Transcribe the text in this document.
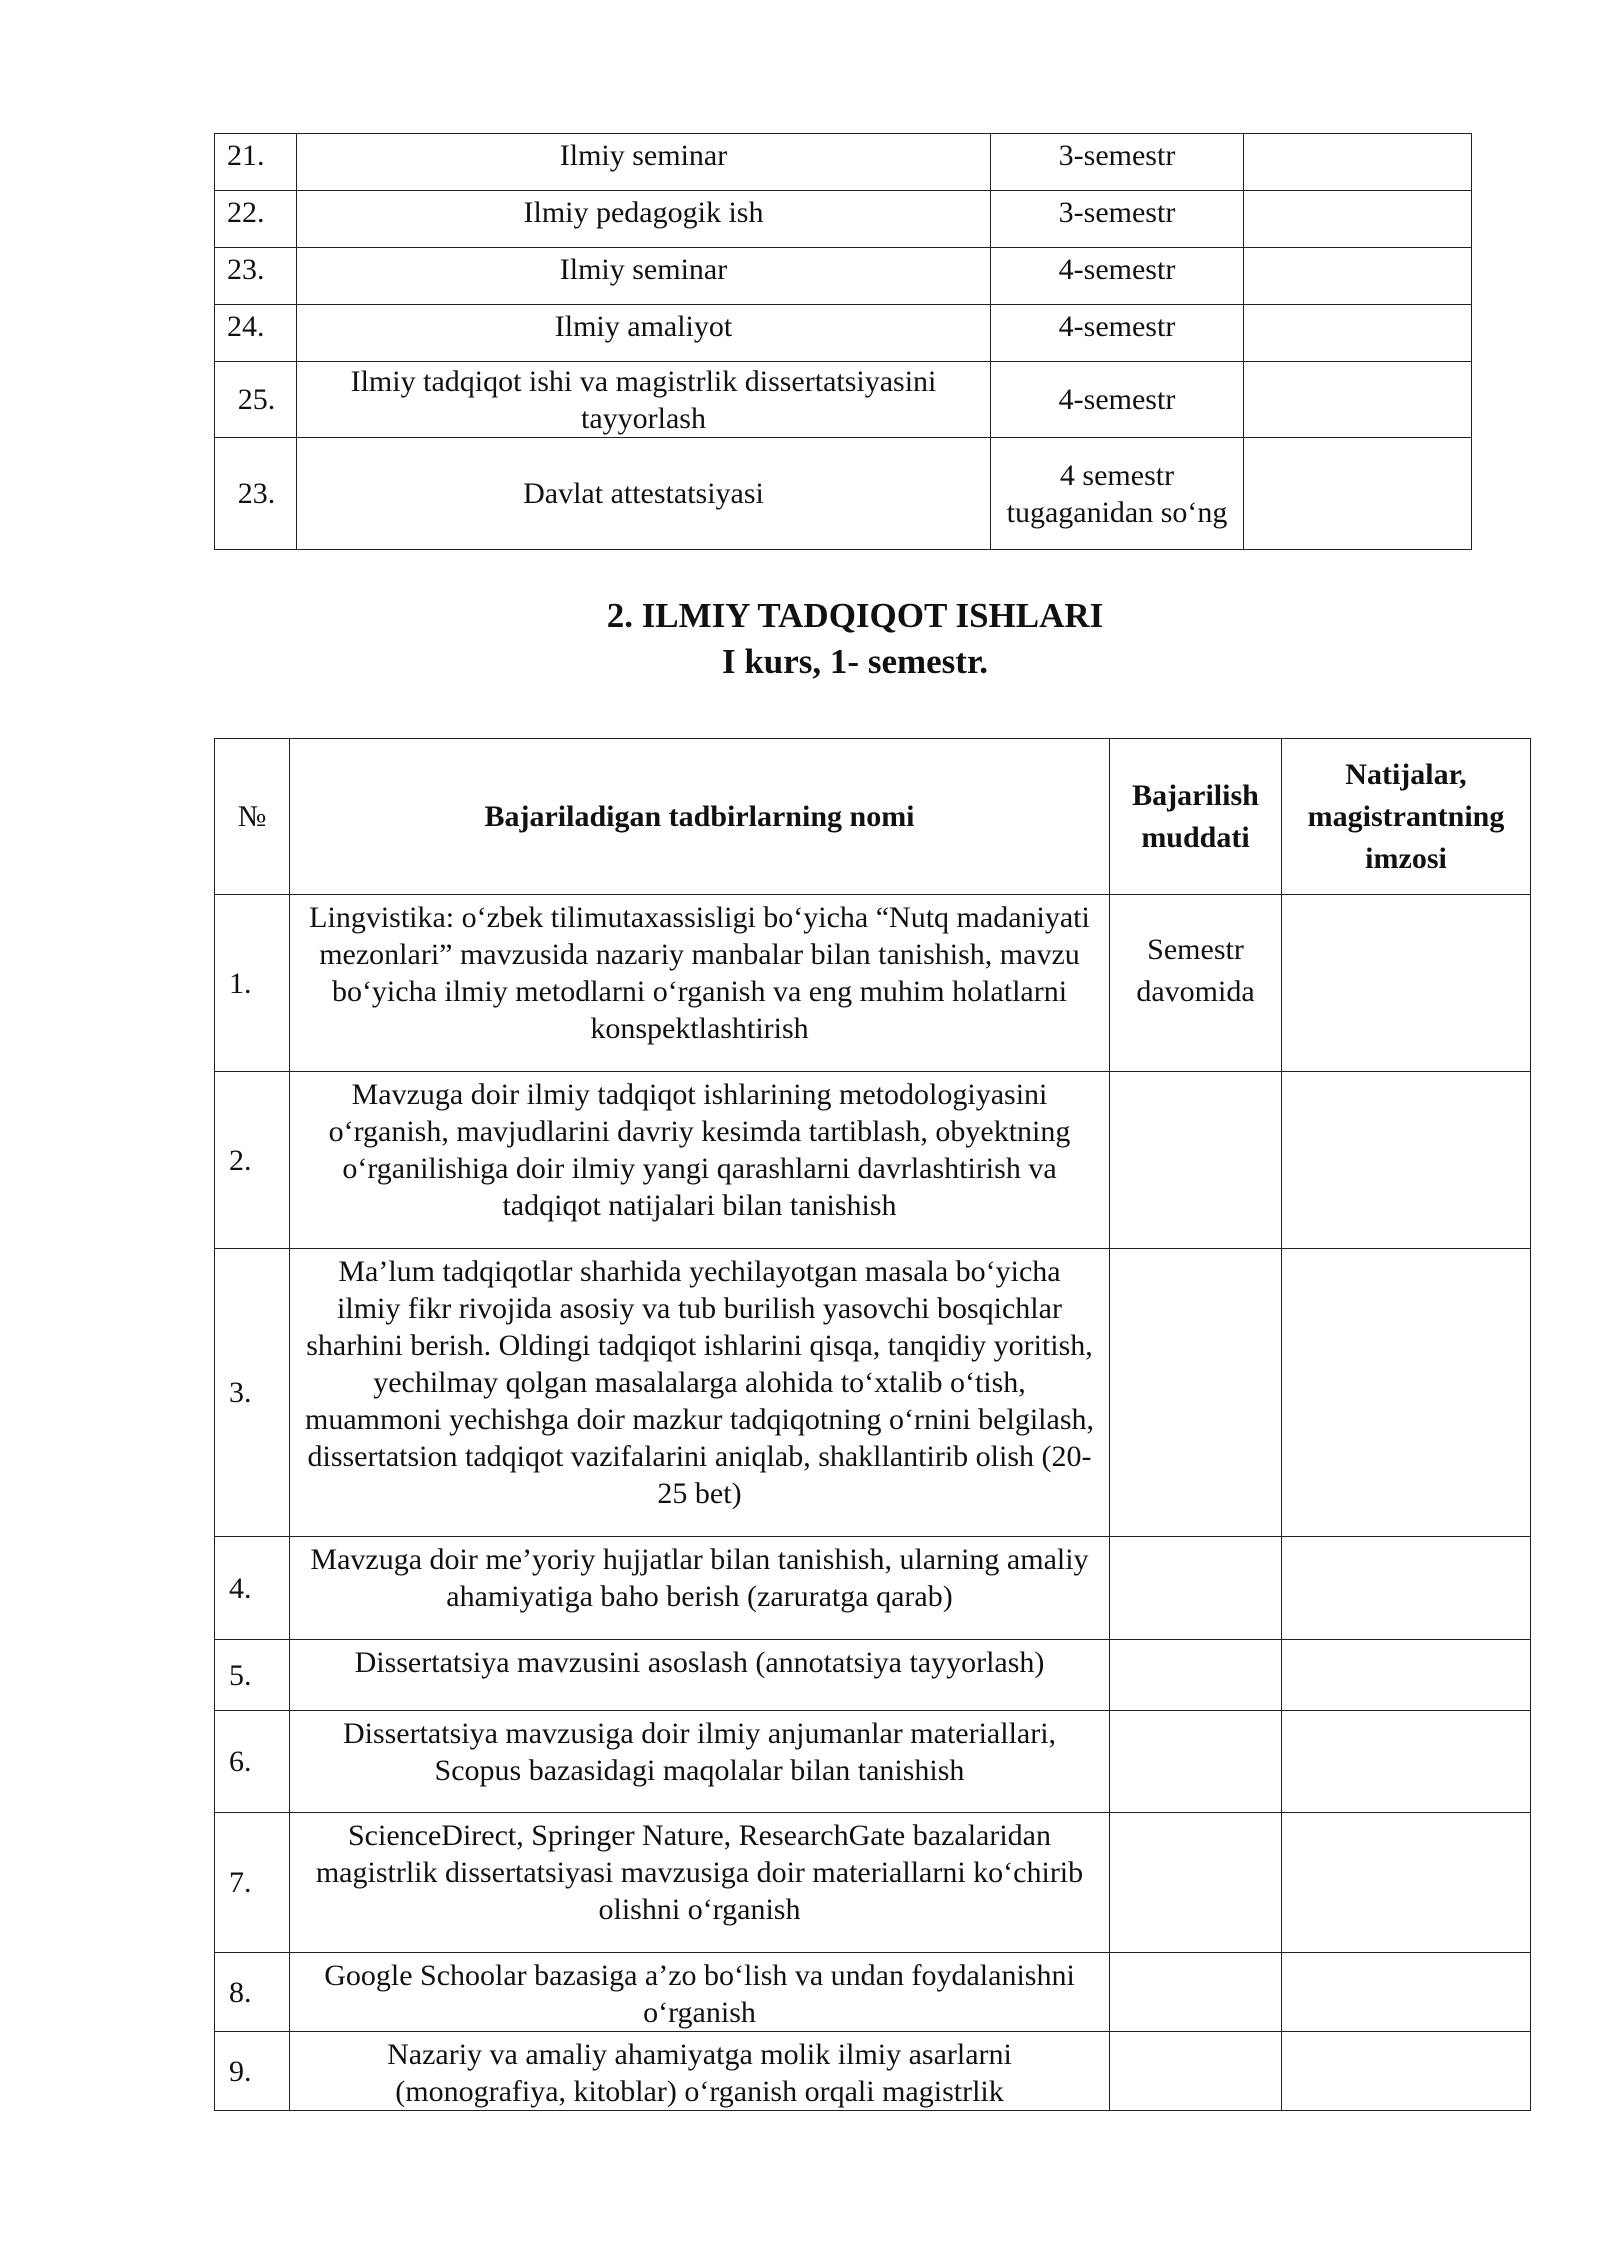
21.	Ilmiy seminar	3-semestr	
22.	Ilmiy pedagogik ish	3-semestr	
23.	Ilmiy seminar	4-semestr	
24.	Ilmiy amaliyot	4-semestr	
25.	Ilmiy tadqiqot ishi va magistrlik dissertatsiyasini tayyorlash	4-semestr	
23.	Davlat attestatsiyasi	4 semestr tugaganidan so‘ng	
2. ILMIY TADQIQOT ISHLARI
I kurs, 1- semestr.
№	Bajariladigan tadbirlarning nomi	Bajarilish muddati	Natijalar, magistrantning imzosi
1.	Lingvistika: o‘zbek tilimutaxassisligi bo‘yicha “Nutq madaniyati mezonlari” mavzusida nazariy manbalar bilan tanishish, mavzu bo‘yicha ilmiy metodlarni o‘rganish va eng muhim holatlarni konspektlashtirish	Semestr davomida	
2.	Mavzuga doir ilmiy tadqiqot ishlarining metodologiyasini o‘rganish, mavjudlarini davriy kesimda tartiblash, obyektning o‘rganilishiga doir ilmiy yangi qarashlarni davrlashtirish va tadqiqot natijalari bilan tanishish		
3.	Ma’lum tadqiqotlar sharhida yechilayotgan masala bo‘yicha ilmiy fikr rivojida asosiy va tub burilish yasovchi bosqichlar sharhini berish. Oldingi tadqiqot ishlarini qisqa, tanqidiy yoritish, yechilmay qolgan masalalarga alohida to‘xtalib o‘tish, muammoni yechishga doir mazkur tadqiqotning o‘rnini belgilash, dissertatsion tadqiqot vazifalarini aniqlab, shakllantirib olish (20-25 bet)		
4.	Mavzuga doir me’yoriy hujjatlar bilan tanishish, ularning amaliy ahamiyatiga baho berish (zaruratga qarab)		
5.	Dissertatsiya mavzusini asoslash (annotatsiya tayyorlash)		
6.	Dissertatsiya mavzusiga doir ilmiy anjumanlar materiallari, Scopus bazasidagi maqolalar bilan tanishish		
7.	ScienceDirect, Springer Nature, ResearchGate bazalaridan magistrlik dissertatsiyasi mavzusiga doir materiallarni ko‘chirib olishni o‘rganish		
8.	Google Schoolar bazasiga a’zo bo‘lish va undan foydalanishni o‘rganish		
9.	Nazariy va amaliy ahamiyatga molik ilmiy asarlarni (monografiya, kitoblar) o‘rganish orqali magistrlik		
